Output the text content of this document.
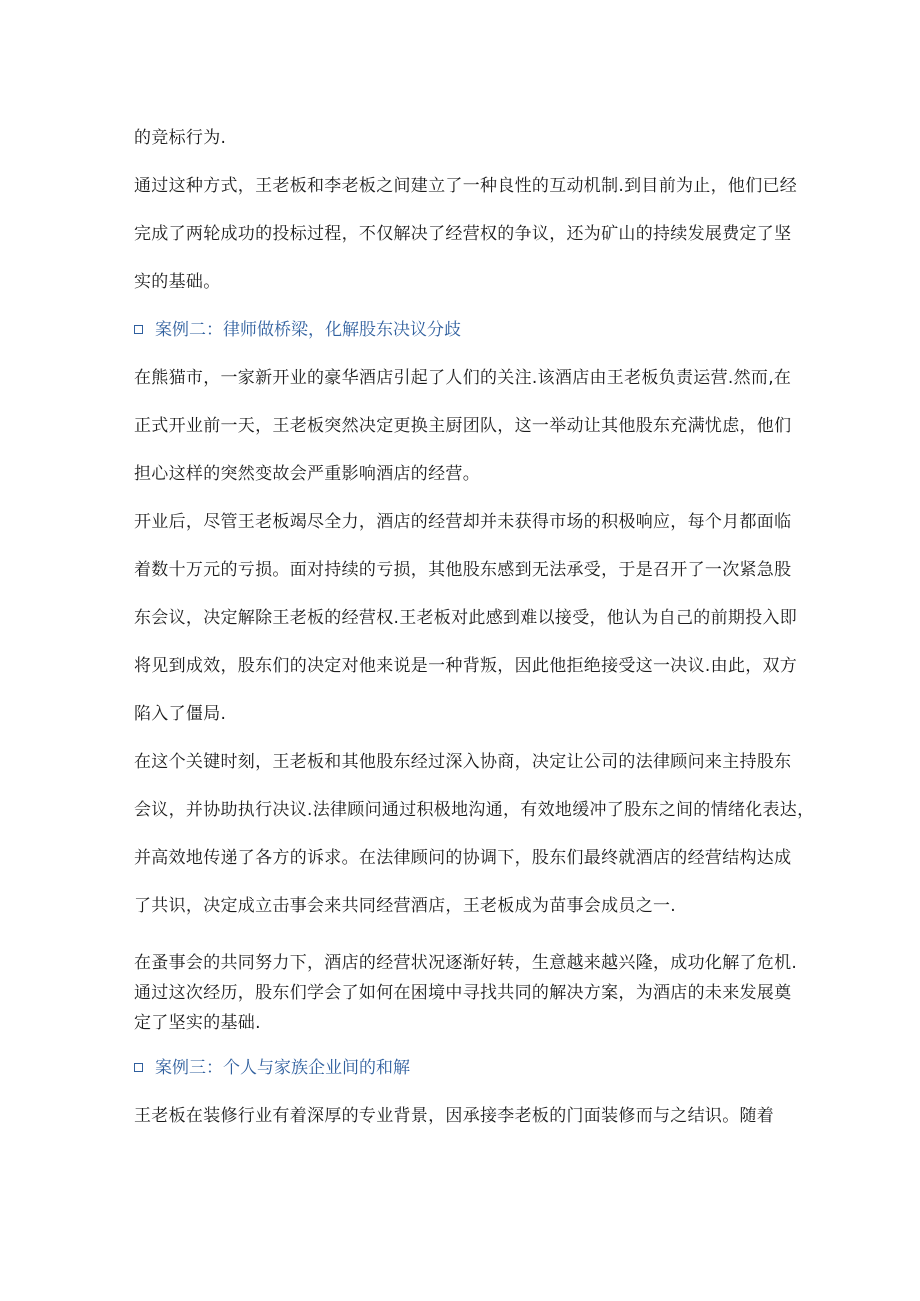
的竞标行为.

通过这种方式，王老板和李老板之间建立了一种良性的互动机制.到目前为止，他们已经
完成了两轮成功的投标过程，不仅解决了经营权的争议，还为矿山的持续发展费定了坚
实的基础。

案例二：律师做桥梁，化解股东决议分歧

在熊猫市，一家新开业的豪华酒店引起了人们的关注.该酒店由王老板负责运营.然而,在
正式开业前一天，王老板突然决定更换主厨团队，这一举动让其他股东充满忧虑，他们
担心这样的突然变故会严重影响酒店的经营。

开业后，尽管王老板竭尽全力，酒店的经营却并未获得市场的积极响应，每个月都面临
着数十万元的亏损。面对持续的亏损，其他股东感到无法承受，于是召开了一次紧急股
东会议，决定解除王老板的经营权.王老板对此感到难以接受，他认为自己的前期投入即
将见到成效，股东们的决定对他来说是一种背叛，因此他拒绝接受这一决议.由此，双方
陷入了僵局.

在这个关键时刻，王老板和其他股东经过深入协商，决定让公司的法律顾问来主持股东
会议，并协助执行决议.法律顾问通过积极地沟通，有效地缓冲了股东之间的情绪化表达，
并高效地传递了各方的诉求。在法律顾问的协调下，股东们最终就酒店的经营结构达成
了共识，决定成立击事会来共同经营酒店，王老板成为苗事会成员之一.

在蚤事会的共同努力下，酒店的经营状况逐渐好转，生意越来越兴隆，成功化解了危机.
通过这次经历，股东们学会了如何在困境中寻找共同的解决方案，为酒店的未来发展奠
定了坚实的基础.

案例三：个人与家族企业间的和解

王老板在装修行业有着深厚的专业背景，因承接李老板的门面装修而与之结识。随着
